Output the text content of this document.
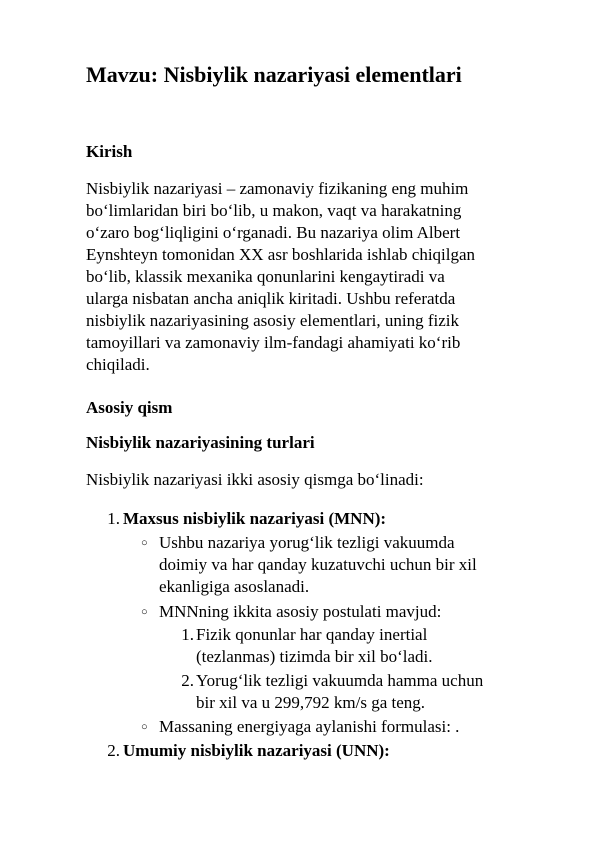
Mavzu: Nisbiylik nazariyasi elementlari
Kirish

Nisbiylik nazariyasi – zamonaviy fizikaning eng muhim
bo‘limlaridan biri bo‘lib, u makon, vaqt va harakatning
o‘zaro bog‘liqligini o‘rganadi. Bu nazariya olim Albert
Eynshteyn tomonidan XX asr boshlarida ishlab chiqilgan
bo‘lib, klassik mexanika qonunlarini kengaytiradi va
ularga nisbatan ancha aniqlik kiritadi. Ushbu referatda
nisbiylik nazariyasining asosiy elementlari, uning fizik
tamoyillari va zamonaviy ilm-fandagi ahamiyati ko‘rib
chiqiladi.

Asosiy qism
Nisbiylik nazariyasining turlari

Nisbiylik nazariyasi ikki asosiy qismga bo‘linadi:

1. Maxsus nisbiylik nazariyasi (MNN):
○ Ushbu nazariya yorug‘lik tezligi vakuumda
doimiy va har qanday kuzatuvchi uchun bir xil
ekanligiga asoslanadi.
○ MNNning ikkita asosiy postulati mavjud:
1. Fizik qonunlar har qanday inertial
(tezlanmas) tizimda bir xil bo‘ladi.
2. Yorug‘lik tezligi vakuumda hamma uchun
bir xil va u 299,792 km/s ga teng.
○ Massaning energiyaga aylanishi formulasi: .
2. Umumiy nisbiylik nazariyasi (UNN):
